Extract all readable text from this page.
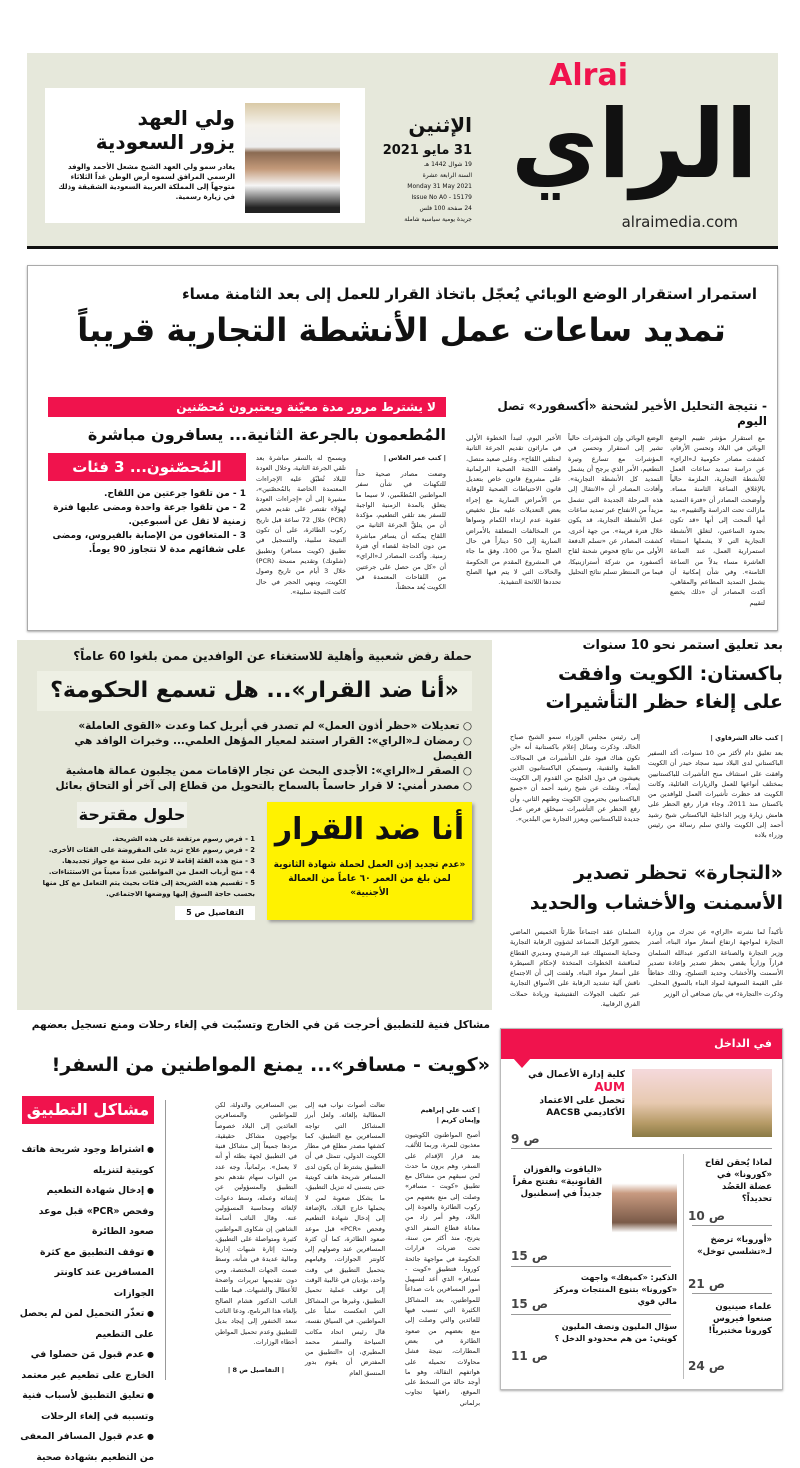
Alrai
الراي
alraimedia.com
الإثنين
31 مايو 2021
19 شوال 1442 هـ
السنة الرابعة عشرة
Monday 31 May 2021
Issue No A0 - 15179
24 صفحة 100 فلس
جريدة يومية سياسية شاملة
ولي العهد
يزور السعودية

يغادر سمو ولي العهد الشيخ مشعل الأحمد والوفد الرسمي المرافق لسموه أرض الوطن غداً الثلاثاء متوجهاً إلى المملكة العربية السعودية الشقيقة وذلك في زيارة رسمية.

استمرار استقرار الوضع الوبائي يُعجّل باتخاذ القرار للعمل إلى بعد الثامنة مساء
تمديد ساعات عمل الأنشطة التجارية قريباً
- نتيجة التحليل الأخير لشحنة «أكسفورد» تصل اليوم
لا يشترط مرور مدة معيّنة ويعتبرون مُحصّنين
المُطعمون بالجرعة الثانية... يسافرون مباشرة
| كتب عمر العلاس |
وضعت مصادر صحية حداً للتكهنات في شأن سفر المواطنين المُطعّمين، لا سيما ما يتعلق بالمدة الزمنية الواجبة للسفر بعد تلقي التطعيم، مؤكدة أن من يتلقَّ الجرعة الثانية من اللقاح يمكنه أن يسافر مباشرة من دون الحاجة لقضاء أي فترة زمنية. وأكدت المصادر لـ«الراي» أن «كل من حصل على جرعتين من اللقاحات المعتمدة في الكويت يُعد محصّناً،
ويسمح له بالسفر مباشرة بعد تلقي الجرعة الثانية، وخلال العودة للبلاد تُطبّق عليه الإجراءات المعتمدة الخاصة بالمُحصّنين»، مشيرة إلى أن «إجراءات العودة لهؤلاء تقتصر على تقديم فحص (PCR) خلال 72 ساعة قبل تاريخ ركوب الطائرة، على أن تكون النتيجة سلبية، والتسجيل في تطبيق (كويت مسافر) وتطبيق (شلونك) وتقديم مسحة (PCR) خلال 3 أيام من تاريخ وصول الكويت، وينهي الحجر في حال كانت النتيجة سلبية».
المُحصّنون... 3 فئات
1 - من تلقوا جرعتين من اللقاح.
2 - من تلقوا جرعة واحدة ومضى عليها فترة زمنية لا تقل عن أسبوعين.
3 - المتعافون من الإصابة بالفيروس، ومضى على شفائهم مدة لا تتجاوز 90 يوماً.
مع استقرار مؤشر تقييم الوضع الوبائي في البلاد وتحسن الأرقام، كشفت مصادر حكومية لـ«الراي» عن دراسة تمديد ساعات العمل للأنشطة التجارية، الملزمة حالياً بالإغلاق الساعة الثامنة مساء. وأوضحت المصادر أن «فترة التمديد مازالت تحت الدراسة والتقييم»، بيد أنها ألمحت إلى أنها «قد تكون بحدود الساعتين، لتغلق الأنشطة التجارية التي لا يشملها استثناء استمرارية العمل، عند الساعة العاشرة مساء بدلاً من الساعة الثامنة». وفي شأن إمكانية أن يشمل التمديد المطاعم والمقاهي، أكدت المصادر أن «ذلك يخضع لتقييم
الوضع الوبائي وإن المؤشرات حالياً تشير إلى استقرار وتحسن في المؤشرات مع تسارع وتيرة التطعيم، الأمر الذي يرجح أن يشمل التمديد كل الأنشطة التجارية». وأفادت المصادر أن «الانتقال إلى هذه المرحلة الجديدة التي تشمل مزيداً من الانفتاح عبر تمديد ساعات عمل الأنشطة التجارية، قد يكون خلال فترة قريبة». من جهة أخرى، كشفت المصادر عن «تسلم الدفعة الأولى من نتائج فحوص شحنة لقاح أكسفورد من شركة أسترازينيكا، فيما من المنتظر تسلم نتائج التحليل
الأخير اليوم، لتبدأ الخطوة الأولى في ماراثون تقديم الجرعة الثانية لمتلقي اللقاح». وعلى صعيد متصل، وافقت اللجنة الصحية البرلمانية على مشروع قانون خاص بتعديل قانون الاحتياطات الصحية للوقاية من الأمراض السارية مع إجراء بعض التعديلات عليه مثل تخفيض عقوبة عدم ارتداء الكمام وسواها من المخالفات المتعلقة بالأمراض السارية إلى 50 ديناراً في حال الصلح بدلاً من 100، وفق ما جاء في المشروع المقدم من الحكومة والحالات التي لا يتم فيها الصلح تحددها اللائحة التنفيذية.
حملة رفض شعبية وأهلية للاستغناء عن الوافدين ممن بلغوا 60 عاماً؟
«أنا ضد القرار»... هل تسمع الحكومة؟
○ تعديلات «حظر أذون العمل» لم تصدر في أبريل كما وعدت «القوى العاملة»
○ رمضان لـ«الراي»: القرار استند لمعيار المؤهل العلمي... وخبرات الوافد هي الفيصل
○ الصقر لـ«الراي»: الأجدى البحث عن تجار الإقامات ممن يجلبون عمالة هامشية
○ مصدر أمني: لا قرار حاسماً بالسماح بالتحويل من قطاع إلى آخر أو التحاق بعائل
أنا ضد القرار
«عدم تجديد إذن العمل لحملة شهادة الثانوية لمن بلغ من العمر ٦٠ عاماً من العمالة الأجنبية»
حلول مقترحة
1 - فرض رسوم مرتفعة على هذه الشريحة.
2 - فرض رسوم علاج تزيد على المفروضة على الفئات الأخرى.
3 - منح هذه الفئة إقامة لا تزيد على سنة مع جواز تجديدها.
4 - منح أرباب العمل من المواطنين عدداً معيناً من الاستثناءات.
5 - تقسيم هذه الشريحة إلى فئات بحيث يتم التعامل مع كل منها بحسب حاجة السوق إليها ووضعها الاجتماعي.
التفاصيل ص 5
بعد تعليق استمر نحو 10 سنوات
باكستان: الكويت وافقت
على إلغاء حظر التأشيرات
| كتب خالد الشرقاوي |
بعد تعليق دام لأكثر من 10 سنوات، أكد السفير الباكستاني لدى البلاد سيد سجاد حيدر أن الكويت وافقت على استئناف منح التأشيرات للباكستانيين بمختلف أنواعها للعمل والزيارات العائلية، وكانت الكويت قد حظرت تأشيرات العمل للوافدين من باكستان منذ 2011، وجاء قرار رفع الحظر على هامش زيارة وزير الداخلية الباكستاني شيخ رشيد أحمد إلى الكويت والذي سلم رسالة من رئيس وزراء بلاده
إلى رئيس مجلس الوزراء سمو الشيخ صباح الخالد. وذكرت وسائل إعلام باكستانية أنه «لن تكون هناك قيود على التأشيرات في المجالات الطبية والتقنية، وسيتمكن الباكستانيون الذين يعيشون في دول الخليج من القدوم إلى الكويت أيضاً». ونقلت عن شيخ رشيد أحمد أن «جميع الباكستانيين يحترمون الكويت وطنهم الثاني، وأن رفع الحظر عن التأشيرات سيخلق فرص عمل جديدة للباكستانيين ويعزز التجارة بين البلدين».
«التجارة» تحظر تصدير
الأسمنت والأخشاب والحديد
تأكيداً لما نشرته «الراي» عن تحرك من وزارة التجارة لمواجهة ارتفاع أسعار مواد البناء، أصدر وزير التجارة والصناعة الدكتور عبدالله السلمان قراراً وزارياً يقضي بحظر تصدير وإعادة تصدير الأسمنت والأخشاب وحديد التسليح، وذلك حفاظاً على القيمة السوقية لمواد البناء بالسوق المحلي. وذكرت «التجارة» في بيان صحافي أن الوزير
السلمان عقد اجتماعاً طارئاً الخميس الماضي بحضور الوكيل المساعد لشؤون الرقابة التجارية وحماية المستهلك عبد الرشيدي ومديري القطاع لمناقشة الخطوات المتخذة لإحكام السيطرة على أسعار مواد البناء. ولفتت إلى أن الاجتماع ناقش آلية تشديد الرقابة على الأسواق التجارية عبر تكثيف الجولات التفتيشية وزيادة حملات الفرق الرقابية.
مشاكل فنية للتطبيق أحرجت مَن في الخارج وتسبّبت في إلغاء رحلات ومنع تسجيل بعضهم
«كويت - مسافر»... يمنع المواطنين من السفر!
مشاكل التطبيق
● اشتراط وجود شريحة هاتف كويتية لتنزيله
● إدخال شهادة التطعيم وفحص «PCR» قبل موعد صعود الطائرة
● توقف التطبيق مع كثرة المسافرين عند كاونتر الجوازات
● تعذّر التحميل لمن لم يحصل على التطعيم
● عدم قبول مَن حصلوا في الخارج على تطعيم غير معتمد
● تعليق التطبيق لأسباب فنية وتسببه في إلغاء الرحلات
● عدم قبول المسافر المعفى من التطعيم بشهادة صحية
| كتب علي إبراهيم وإيمان كريم |
أصبح المواطنون الكويتيون معذبون للمرة، وربما للألف، بعد قرار الإقدام على السفر، وهم يرون ما حدث لمن سبقهم من مشاكل مع تطبيق «كويت - مسافر» وصلت إلى منع بعضهم من ركوب الطائرة والعودة إلى البلاد، وهو أمر زاد من معاناة قطاع السفر الذي يترنح، منذ أكثر من سنة، تحت ضربات قرارات الحكومة في مواجهة جائحة كورونا. فتطبيق «كويت - مسافر» الذي أُعد لتسهيل أمور المسافرين بات صداعاً للمواطنين، بعد المشاكل الكثيرة التي تسبب فيها للعائدين والتي وصلت إلى منع بعضهم من صعود الطائرة في بعض المطارات، نتيجة فشل محاولات تحميله على هواتفهم النقالة، وهو ما أوجد حالة من السخط على الموقع، رافقها تجاوب برلماني
تعالت أصوات نواب فيه إلى المطالبة بإلغائه. ولعل أبرز المشاكل التي تواجه المسافرين مع التطبيق، كما كشفها مصدر مطلع في مطار الكويت الدولي، تتمثل في أن التطبيق يشترط أن يكون لدى المسافر شريحة هاتف كويتية حتى يتسنى له تنزيل التطبيق، ما يشكل صعوبة لمن لا يحملها خارج البلاد، بالإضافة إلى إدخال شهادة التطعيم وفحص «PCR» قبل موعد صعود الطائرة، كما أن كثرة المسافرين عند وصولهم إلى كاونتر الجوازات، وقيامهم بتحميل التطبيق في وقت واحد، يؤديان في غالبية الوقت إلى توقف عملية تحميل التطبيق، وغيرها من المشاكل التي انعكست سلباً على المواطنين. في السياق نفسه، قال رئيس اتحاد مكاتب السياحة والسفر محمد المطيري، إن «التطبيق من المفترض أن يقوم بدور المنسق العام
بين المسافرين والدولة، لكن للمواطنين والمسافرين العائدين إلى البلاد خصوصاً يواجهون مشاكل حقيقية، مردها جميعاً إلى مشاكل فنية في التطبيق لجهة بطئه أو أنه لا يعمل». برلمانياً، وجه عدد من النواب سهام نقدهم نحو التطبيق والمسؤولين عن إنشائه وعمله، وسط دعوات لإلغائه ومحاسبة المسؤولين عنه. وقال النائب أسامة الشاهين إن شكاوى المواطنين كثيرة ومتواصلة على التطبيق، وتمت إثارة شبهات إدارية ومالية عديدة في شأنه، وسط صمت الجهات المختصة، ومن دون تقديمها تبريرات واضحة للأعطال والشبهات. فيما طلب النائب الدكتور هشام الصالح بإلغاء هذا البرنامج، ودعا النائب سعد الخنفور إلى إيجاد بديل للتطبيق وعدم تحميل المواطن أخطاء الوزارات.
| التفاصيل ص 8 |
في الداخل
كلية إدارة الأعمال في AUM
تحصل على الاعتماد الأكاديمي AACSB
ص 9
«الياقوت والفوزان القانونية» تفتتح مقراً جديداً في إسطنبول
ص 15
لماذا يُحقن لقاح «كورونا» في عضلة العَضُد تحديداً؟
ص 10
«أوروبا» ترضخ لـ«تشلسي توخل»
ص 21
علماء صينيون صنعوا فيروس كورونا مختبرياً!
ص 24
الذكير: «كميفك» واجهت «كورونا» بتنوع المنتجات ومركز مالي قوي
ص 15
سؤال المليون ونصف المليون كويتي: من هم محدودو الدخل ؟
ص 11
